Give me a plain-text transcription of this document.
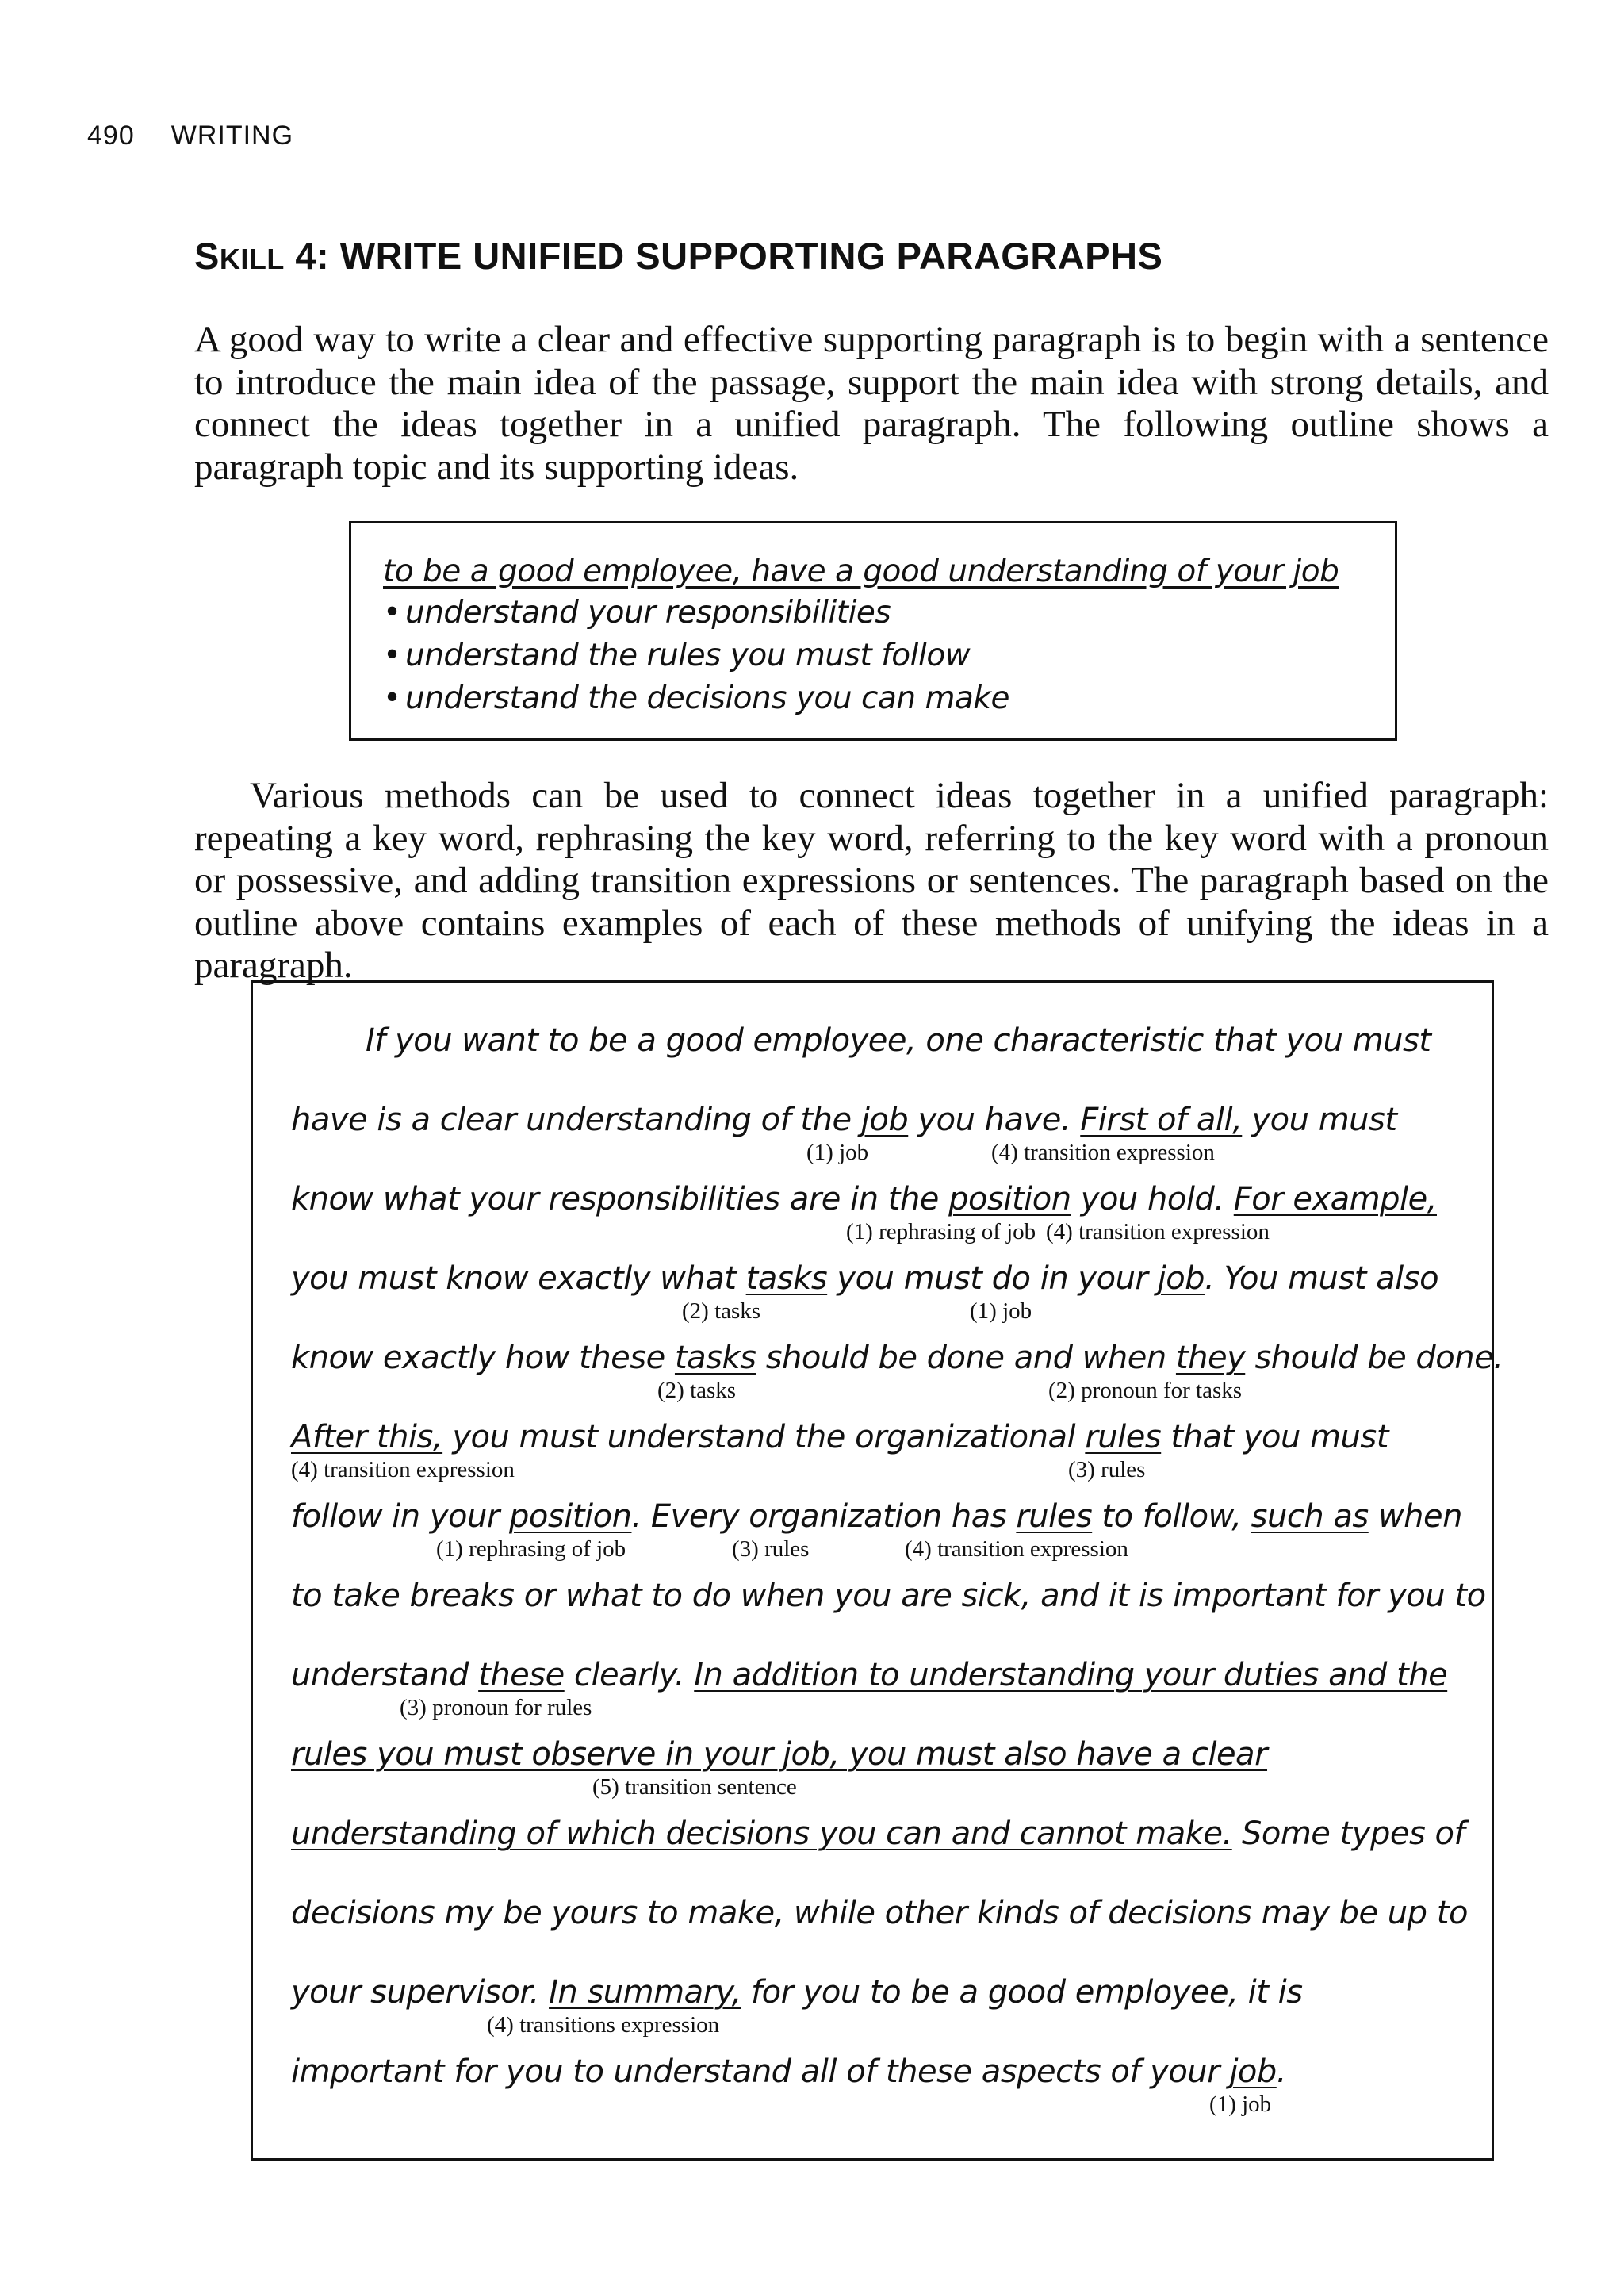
490 WRITING
SKILL 4: WRITE UNIFIED SUPPORTING PARAGRAPHS
A good way to write a clear and effective supporting paragraph is to begin with a sentence to introduce the main idea of the passage, support the main idea with strong details, and connect the ideas together in a unified paragraph. The following outline shows a paragraph topic and its supporting ideas.
to be a good employee, have a good understanding of your job
• understand your responsibilities
• understand the rules you must follow
• understand the decisions you can make
Various methods can be used to connect ideas together in a unified paragraph: repeating a key word, rephrasing the key word, referring to the key word with a pronoun or possessive, and adding transition expressions or sentences. The paragraph based on the outline above contains examples of each of these methods of unifying the ideas in a paragraph.
If you want to be a good employee, one characteristic that you must
have is a clear understanding of the job you have. First of all, you must
(1) job	(4) transition expression
know what your responsibilities are in the position you hold. For example,
(1) rephrasing of job (4) transition expression
you must know exactly what tasks you must do in your job. You must also
(2) tasks	(1) job
know exactly how these tasks should be done and when they should be done.
(2) tasks	(2) pronoun for tasks
After this, you must understand the organizational rules that you must
(4) transition expression	(3) rules
follow in your position. Every organization has rules to follow, such as when
(1) rephrasing of job	(3) rules	(4) transition expression
to take breaks or what to do when you are sick, and it is important for you to
understand these clearly. In addition to understanding your duties and the
(3) pronoun for rules
rules you must observe in your job, you must also have a clear
(5) transition sentence
understanding of which decisions you can and cannot make. Some types of
decisions my be yours to make, while other kinds of decisions may be up to
your supervisor. In summary, for you to be a good employee, it is
(4) transitions expression
important for you to understand all of these aspects of your job.
(1) job
